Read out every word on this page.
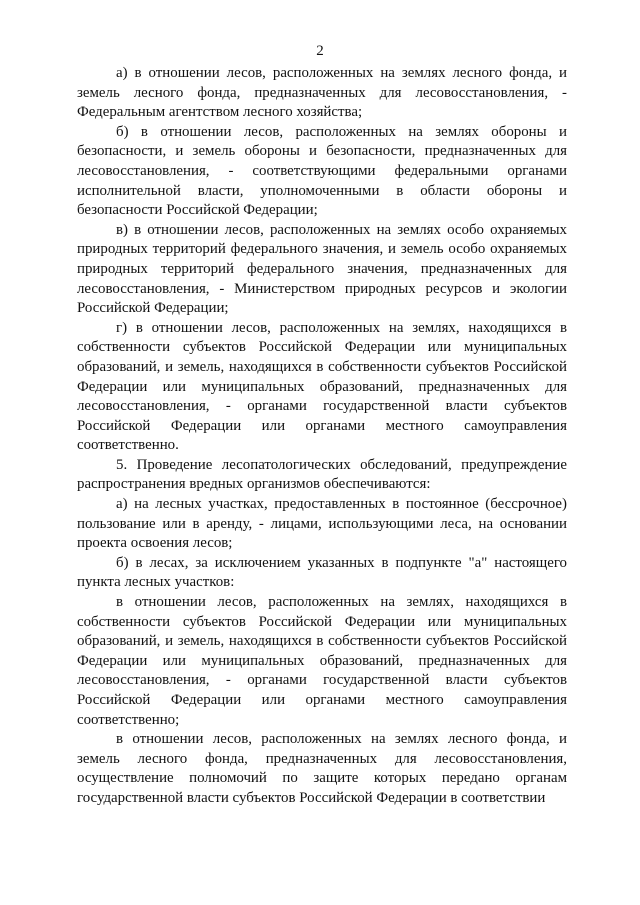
2

а) в отношении лесов, расположенных на землях лесного фонда, и земель лесного фонда, предназначенных для лесовосстановления, - Федеральным агентством лесного хозяйства;

б) в отношении лесов, расположенных на землях обороны и безопасности, и земель обороны и безопасности, предназначенных для лесовосстановления, - соответствующими федеральными органами исполнительной власти, уполномоченными в области обороны и безопасности Российской Федерации;

в) в отношении лесов, расположенных на землях особо охраняемых природных территорий федерального значения, и земель особо охраняемых природных территорий федерального значения, предназначенных для лесовосстановления, - Министерством природных ресурсов и экологии Российской Федерации;

г) в отношении лесов, расположенных на землях, находящихся в собственности субъектов Российской Федерации или муниципальных образований, и земель, находящихся в собственности субъектов Российской Федерации или муниципальных образований, предназначенных для лесовосстановления, - органами государственной власти субъектов Российской Федерации или органами местного самоуправления соответственно.

5. Проведение лесопатологических обследований, предупреждение распространения вредных организмов обеспечиваются:

а) на лесных участках, предоставленных в постоянное (бессрочное) пользование или в аренду, - лицами, использующими леса, на основании проекта освоения лесов;

б) в лесах, за исключением указанных в подпункте "а" настоящего пункта лесных участков:

в отношении лесов, расположенных на землях, находящихся в собственности субъектов Российской Федерации или муниципальных образований, и земель, находящихся в собственности субъектов Российской Федерации или муниципальных образований, предназначенных для лесовосстановления, - органами государственной власти субъектов Российской Федерации или органами местного самоуправления соответственно;

в отношении лесов, расположенных на землях лесного фонда, и земель лесного фонда, предназначенных для лесовосстановления, осуществление полномочий по защите которых передано органам государственной власти субъектов Российской Федерации в соответствии
